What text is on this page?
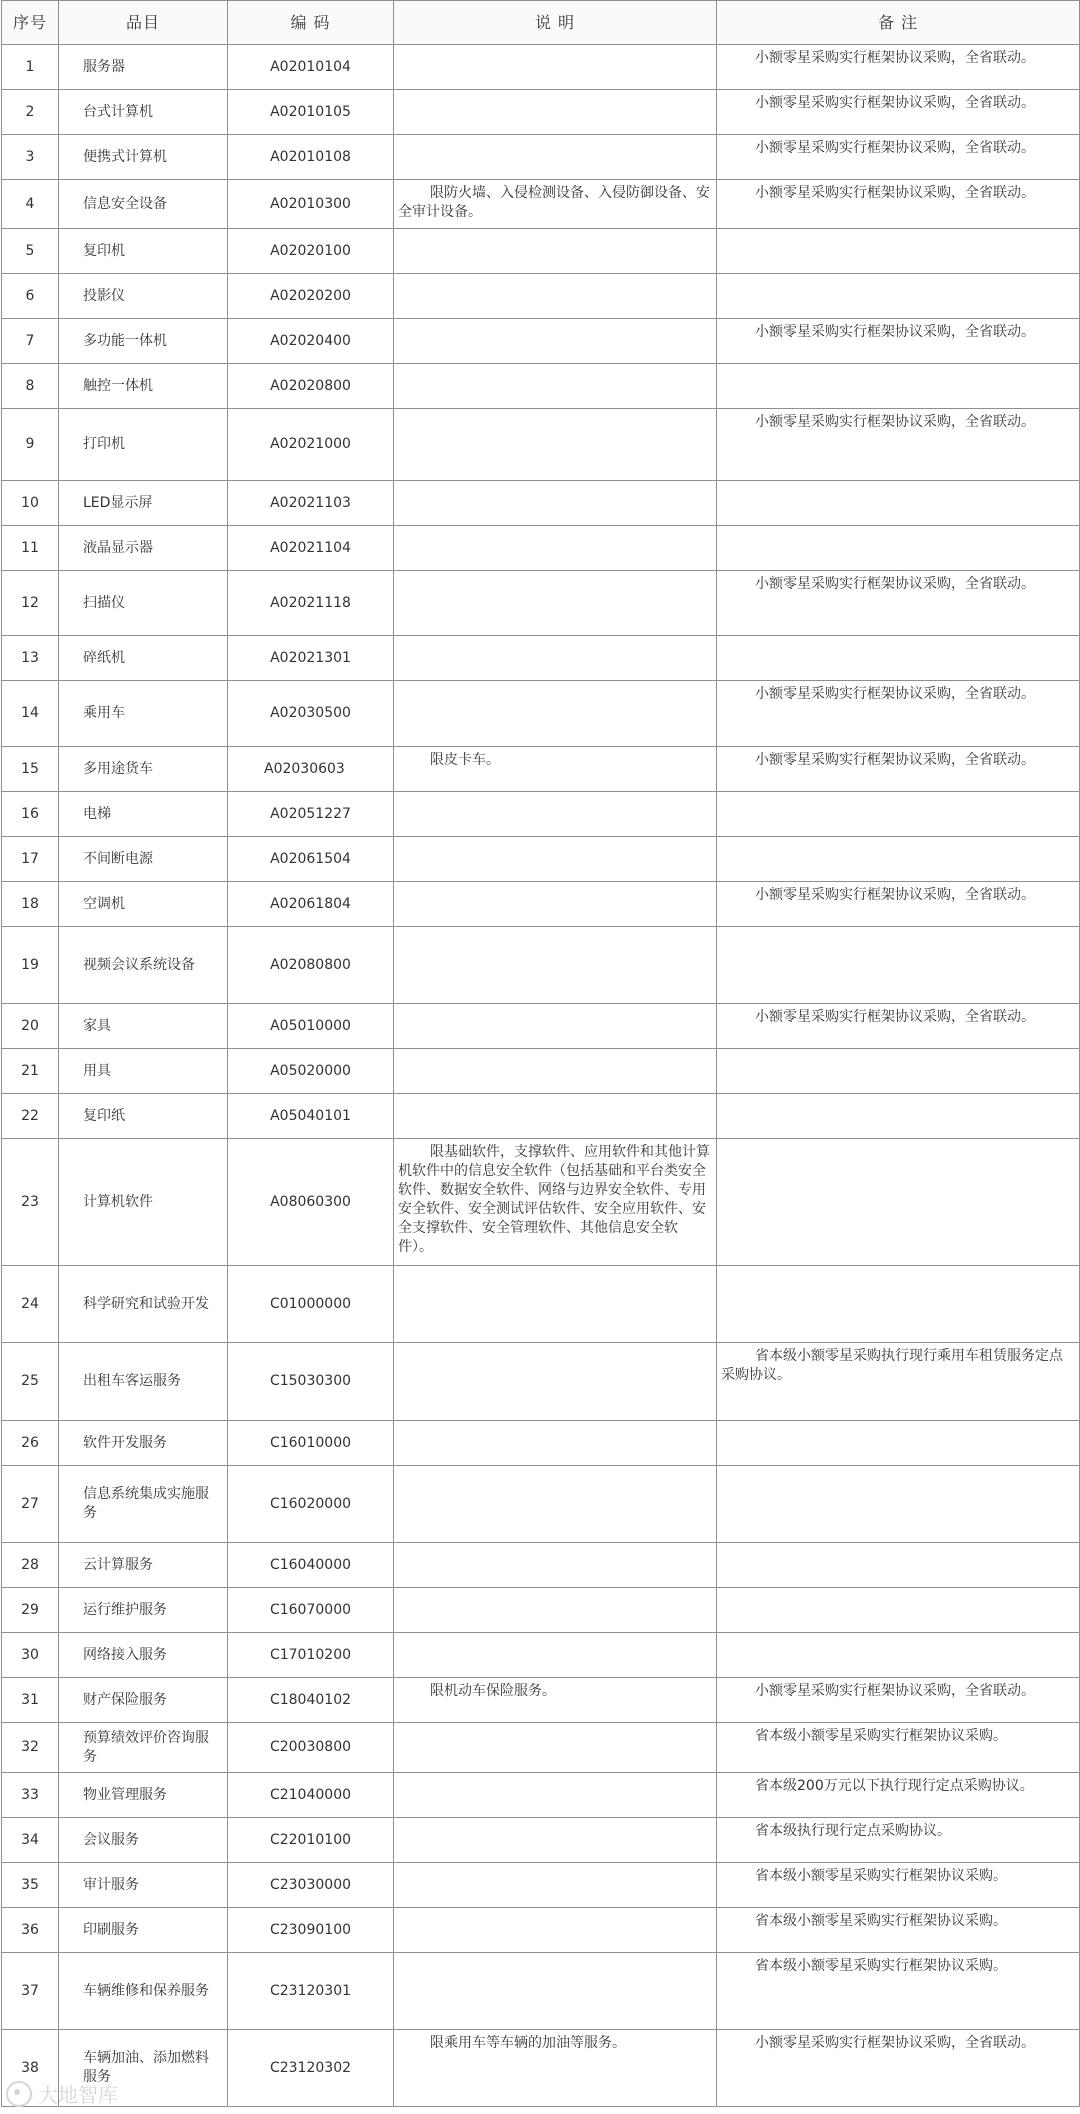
序号	品目	编 码	说 明	备 注
1	服务器	A02010104		小额零星采购实行框架协议采购，全省联动。
2	台式计算机	A02010105		小额零星采购实行框架协议采购，全省联动。
3	便携式计算机	A02010108		小额零星采购实行框架协议采购，全省联动。
4	信息安全设备	A02010300	限防火墙、入侵检测设备、入侵防御设备、安全审计设备。	小额零星采购实行框架协议采购，全省联动。
5	复印机	A02020100		
6	投影仪	A02020200		
7	多功能一体机	A02020400		小额零星采购实行框架协议采购，全省联动。
8	触控一体机	A02020800		
9	打印机	A02021000		小额零星采购实行框架协议采购，全省联动。
10	LED显示屏	A02021103		
11	液晶显示器	A02021104		
12	扫描仪	A02021118		小额零星采购实行框架协议采购，全省联动。
13	碎纸机	A02021301		
14	乘用车	A02030500		小额零星采购实行框架协议采购，全省联动。
15	多用途货车	A02030603	限皮卡车。	小额零星采购实行框架协议采购，全省联动。
16	电梯	A02051227		
17	不间断电源	A02061504		
18	空调机	A02061804		小额零星采购实行框架协议采购，全省联动。
19	视频会议系统设备	A02080800		
20	家具	A05010000		小额零星采购实行框架协议采购，全省联动。
21	用具	A05020000		
22	复印纸	A05040101		
23	计算机软件	A08060300	限基础软件，支撑软件、应用软件和其他计算机软件中的信息安全软件（包括基础和平台类安全软件、数据安全软件、网络与边界安全软件、专用安全软件、安全测试评估软件、安全应用软件、安全支撑软件、安全管理软件、其他信息安全软件）。	
24	科学研究和试验开发	C01000000		
25	出租车客运服务	C15030300		省本级小额零星采购执行现行乘用车租赁服务定点采购协议。
26	软件开发服务	C16010000		
27	信息系统集成实施服务	C16020000		
28	云计算服务	C16040000		
29	运行维护服务	C16070000		
30	网络接入服务	C17010200		
31	财产保险服务	C18040102	限机动车保险服务。	小额零星采购实行框架协议采购，全省联动。
32	预算绩效评价咨询服务	C20030800		省本级小额零星采购实行框架协议采购。
33	物业管理服务	C21040000		省本级200万元以下执行现行定点采购协议。
34	会议服务	C22010100		省本级执行现行定点采购协议。
35	审计服务	C23030000		省本级小额零星采购实行框架协议采购。
36	印刷服务	C23090100		省本级小额零星采购实行框架协议采购。
37	车辆维修和保养服务	C23120301		省本级小额零星采购实行框架协议采购。
38	车辆加油、添加燃料服务	C23120302	限乘用车等车辆的加油等服务。	小额零星采购实行框架协议采购，全省联动。
大地智库
